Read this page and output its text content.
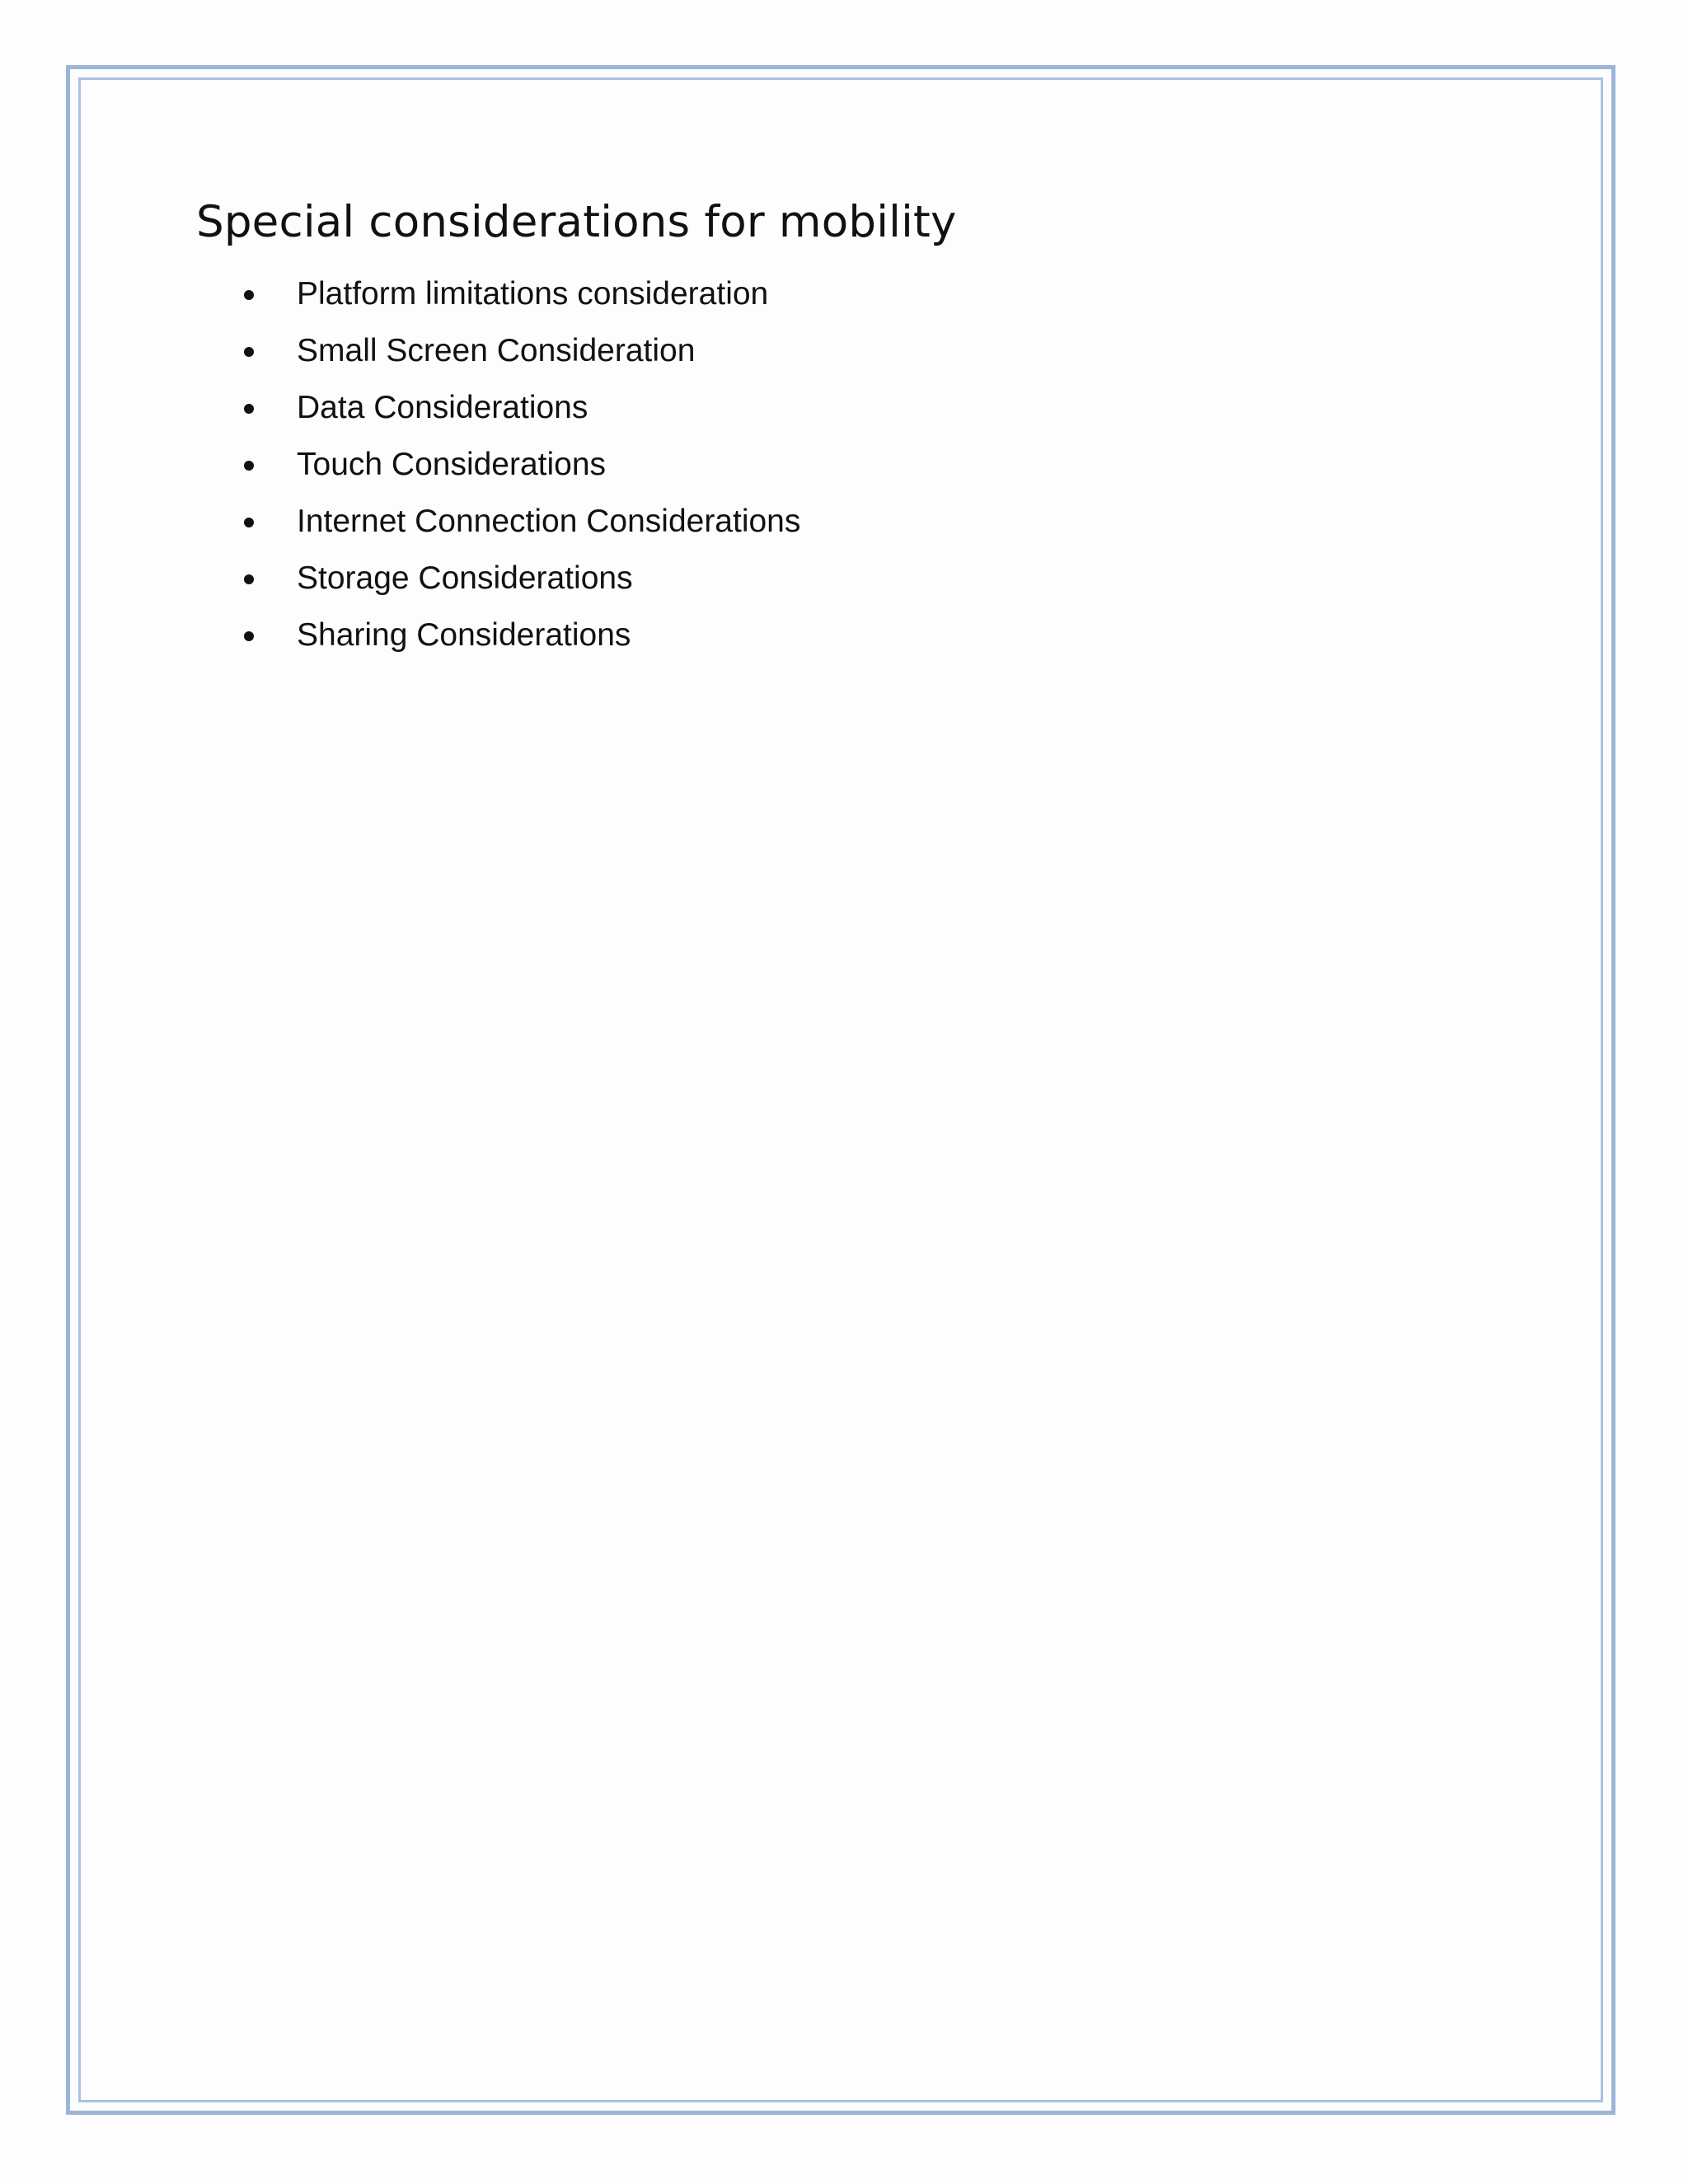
Special considerations for mobility
Platform limitations consideration
Small Screen Consideration
Data Considerations
Touch Considerations
Internet Connection Considerations
Storage Considerations
Sharing Considerations
